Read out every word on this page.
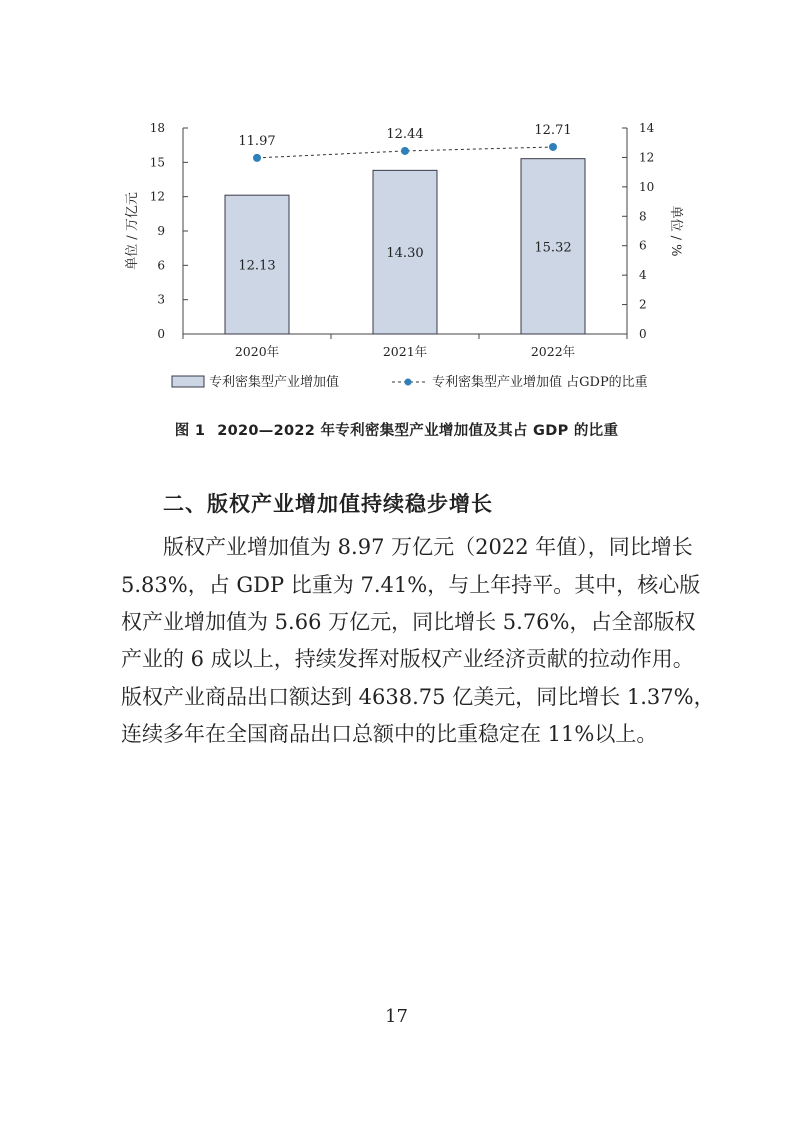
0
3
6
9
12
15
18
0
2
4
6
8
10
12
14
2020年	2021年	2022年
单位 / 万亿元	单位 / %
12.13
14.30	15.32
11.97	12.44	12.71
专利密集型产业增加值	专利密集型产业增加值 占GDP的比重
图 1 2020—2022 年专利密集型产业增加值及其占 GDP 的比重
二、版权产业增加值持续稳步增长
　　版权产业增加值为 8.97 万亿元（2022 年值），同比增长
5.83%，占 GDP 比重为 7.41%，与上年持平。其中，核心版
权产业增加值为 5.66 万亿元，同比增长 5.76%，占全部版权
产业的 6 成以上，持续发挥对版权产业经济贡献的拉动作用。
版权产业商品出口额达到 4638.75 亿美元，同比增长 1.37%，
连续多年在全国商品出口总额中的比重稳定在 11%以上。
17
